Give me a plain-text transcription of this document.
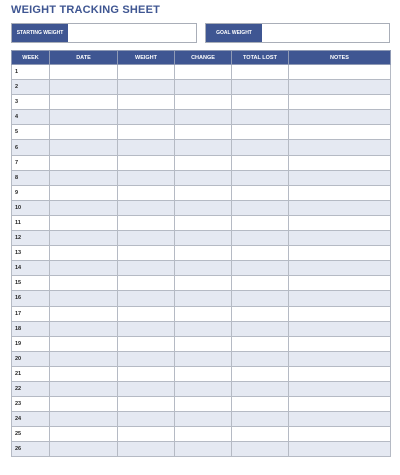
WEIGHT TRACKING SHEET
STARTING WEIGHT	GOAL WEIGHT
WEEK	DATE	WEIGHT	CHANGE	TOTAL LOST	NOTES
1					
2					
3					
4					
5					
6					
7					
8					
9					
10					
11					
12					
13					
14					
15					
16					
17					
18					
19					
20					
21					
22					
23					
24					
25					
26					
